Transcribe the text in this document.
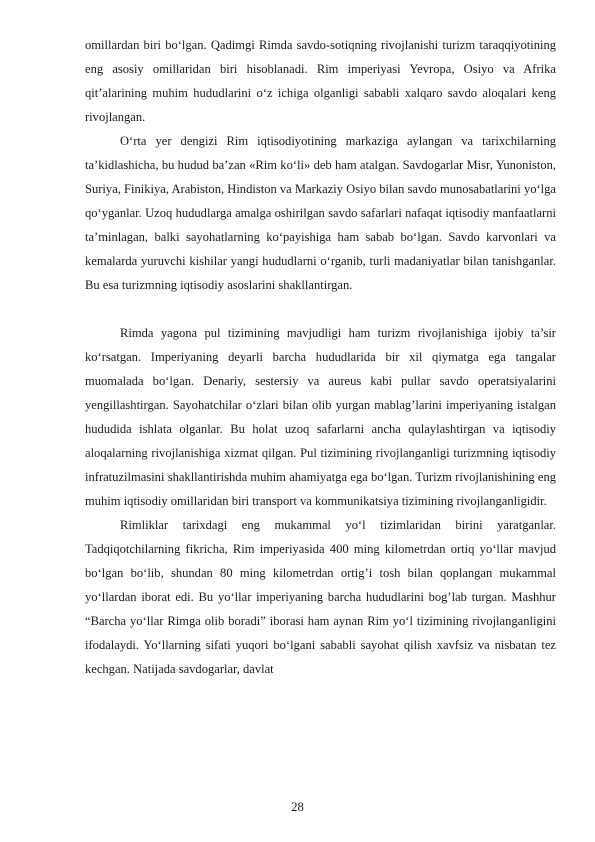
omillardan biri bo‘lgan. Qadimgi Rimda savdo-sotiqning rivojlanishi turizm taraqqiyotining eng asosiy omillaridan biri hisoblanadi. Rim imperiyasi Yevropa, Osiyo va Afrika qit’alarining muhim hududlarini o‘z ichiga olganligi sababli xalqaro savdo aloqalari keng rivojlangan.

O‘rta yer dengizi Rim iqtisodiyotining markaziga aylangan va tarixchilarning ta’kidlashicha, bu hudud ba’zan «Rim ko‘li» deb ham atalgan. Savdogarlar Misr, Yunoniston, Suriya, Finikiya, Arabiston, Hindiston va Markaziy Osiyo bilan savdo munosabatlarini yo‘lga qo‘yganlar. Uzoq hududlarga amalga oshirilgan savdo safarlari nafaqat iqtisodiy manfaatlarni ta’minlagan, balki sayohatlarning ko‘payishiga ham sabab bo‘lgan. Savdo karvonlari va kemalarda yuruvchi kishilar yangi hududlarni o‘rganib, turli madaniyatlar bilan tanishganlar. Bu esa turizmning iqtisodiy asoslarini shakllantirgan.

Rimda yagona pul tizimining mavjudligi ham turizm rivojlanishiga ijobiy ta’sir ko‘rsatgan. Imperiyaning deyarli barcha hududlarida bir xil qiymatga ega tangalar muomalada bo‘lgan. Denariy, sestersiy va aureus kabi pullar savdo operatsiyalarini yengillashtirgan. Sayohatchilar o‘zlari bilan olib yurgan mablag’larini imperiyaning istalgan hududida ishlata olganlar. Bu holat uzoq safarlarni ancha qulaylashtirgan va iqtisodiy aloqalarning rivojlanishiga xizmat qilgan. Pul tizimining rivojlanganligi turizmning iqtisodiy infratuzilmasini shakllantirishda muhim ahamiyatga ega bo‘lgan. Turizm rivojlanishining eng muhim iqtisodiy omillaridan biri transport va kommunikatsiya tizimining rivojlanganligidir.

Rimliklar tarixdagi eng mukammal yo‘l tizimlaridan birini yaratganlar. Tadqiqotchilarning fikricha, Rim imperiyasida 400 ming kilometrdan ortiq yo‘llar mavjud bo‘lgan bo‘lib, shundan 80 ming kilometrdan ortig’i tosh bilan qoplangan mukammal yo‘llardan iborat edi. Bu yo‘llar imperiyaning barcha hududlarini bog’lab turgan. Mashhur “Barcha yo‘llar Rimga olib boradi” iborasi ham aynan Rim yo‘l tizimining rivojlanganligini ifodalaydi. Yo‘llarning sifati yuqori bo‘lgani sababli sayohat qilish xavfsiz va nisbatan tez kechgan. Natijada savdogarlar, davlat

28
